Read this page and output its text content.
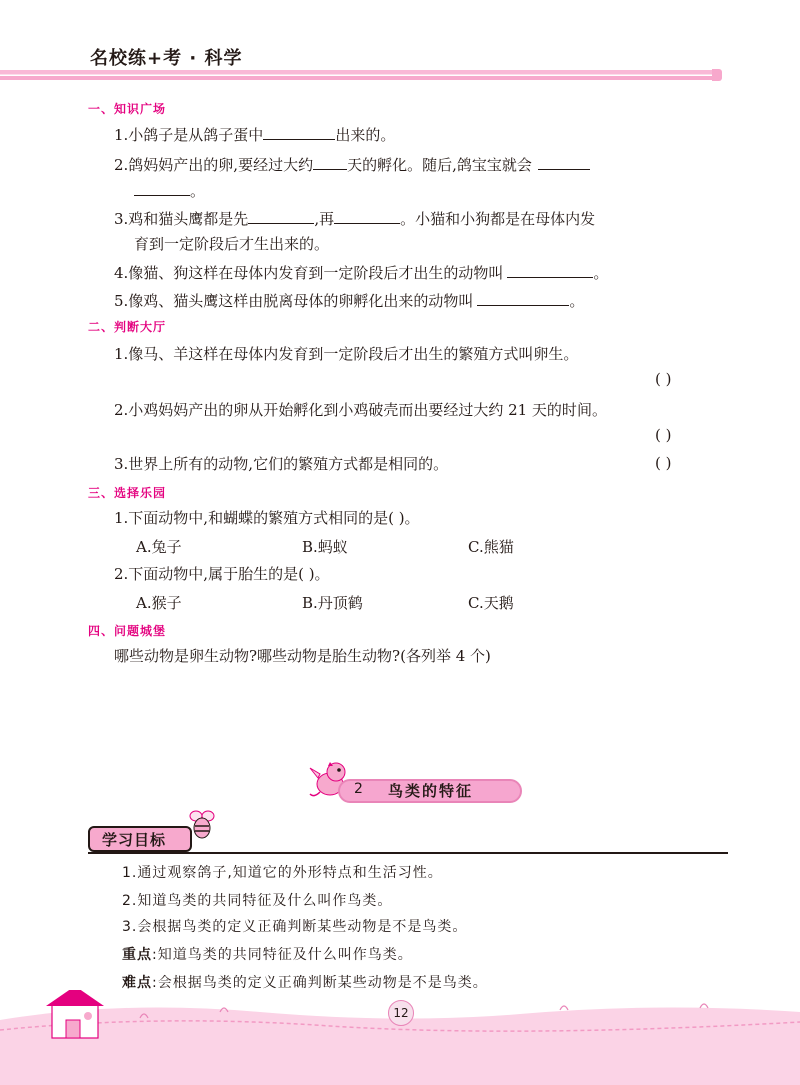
名校练+考 · 科学
一、知识广场
1.小鸽子是从鸽子蛋中	出来的。
2.鸽妈妈产出的卵,要经过大约 天的孵化。随后,鸽宝宝就会
。
3.鸡和猫头鹰都是先	,再	。小猫和小狗都是在母体内发
育到一定阶段后才生出来的。
4.像猫、狗这样在母体内发育到一定阶段后才出生的动物叫	。
5.像鸡、猫头鹰这样由脱离母体的卵孵化出来的动物叫	。
二、判断大厅
1.像马、羊这样在母体内发育到一定阶段后才出生的繁殖方式叫卵生。
( )
2.小鸡妈妈产出的卵从开始孵化到小鸡破壳而出要经过大约 21 天的时间。
( )
3.世界上所有的动物,它们的繁殖方式都是相同的。	( )
三、选择乐园
1.下面动物中,和蝴蝶的繁殖方式相同的是( )。
A.兔子	B.蚂蚁	C.熊猫
2.下面动物中,属于胎生的是( )。
A.猴子	B.丹顶鹤	C.天鹅
四、问题城堡
哪些动物是卵生动物?哪些动物是胎生动物?(各列举 4 个)
2 鸟类的特征
学习目标
1.通过观察鸽子,知道它的外形特点和生活习性。
2.知道鸟类的共同特征及什么叫作鸟类。
3.会根据鸟类的定义正确判断某些动物是不是鸟类。
重点:知道鸟类的共同特征及什么叫作鸟类。
难点:会根据鸟类的定义正确判断某些动物是不是鸟类。
12
